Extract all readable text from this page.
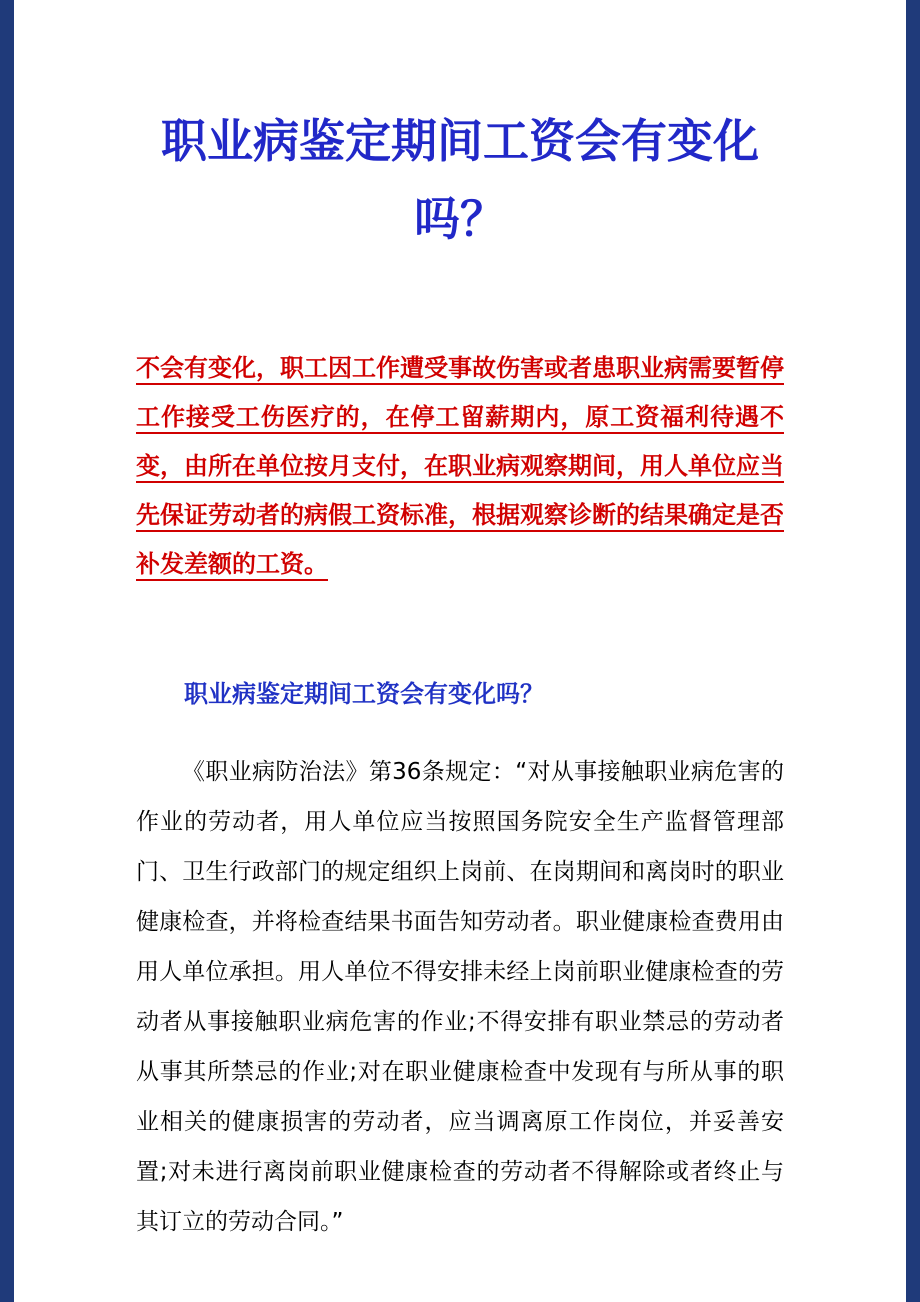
职业病鉴定期间工资会有变化吗？

不会有变化，职工因工作遭受事故伤害或者患职业病需要暂停工作接受工伤医疗的，在停工留薪期内，原工资福利待遇不变，由所在单位按月支付，在职业病观察期间，用人单位应当先保证劳动者的病假工资标准，根据观察诊断的结果确定是否补发差额的工资。

职业病鉴定期间工资会有变化吗？

《职业病防治法》第36条规定：“对从事接触职业病危害的作业的劳动者，用人单位应当按照国务院安全生产监督管理部门、卫生行政部门的规定组织上岗前、在岗期间和离岗时的职业健康检查，并将检查结果书面告知劳动者。职业健康检查费用由用人单位承担。用人单位不得安排未经上岗前职业健康检查的劳动者从事接触职业病危害的作业;不得安排有职业禁忌的劳动者从事其所禁忌的作业;对在职业健康检查中发现有与所从事的职业相关的健康损害的劳动者，应当调离原工作岗位，并妥善安置;对未进行离岗前职业健康检查的劳动者不得解除或者终止与其订立的劳动合同。”
